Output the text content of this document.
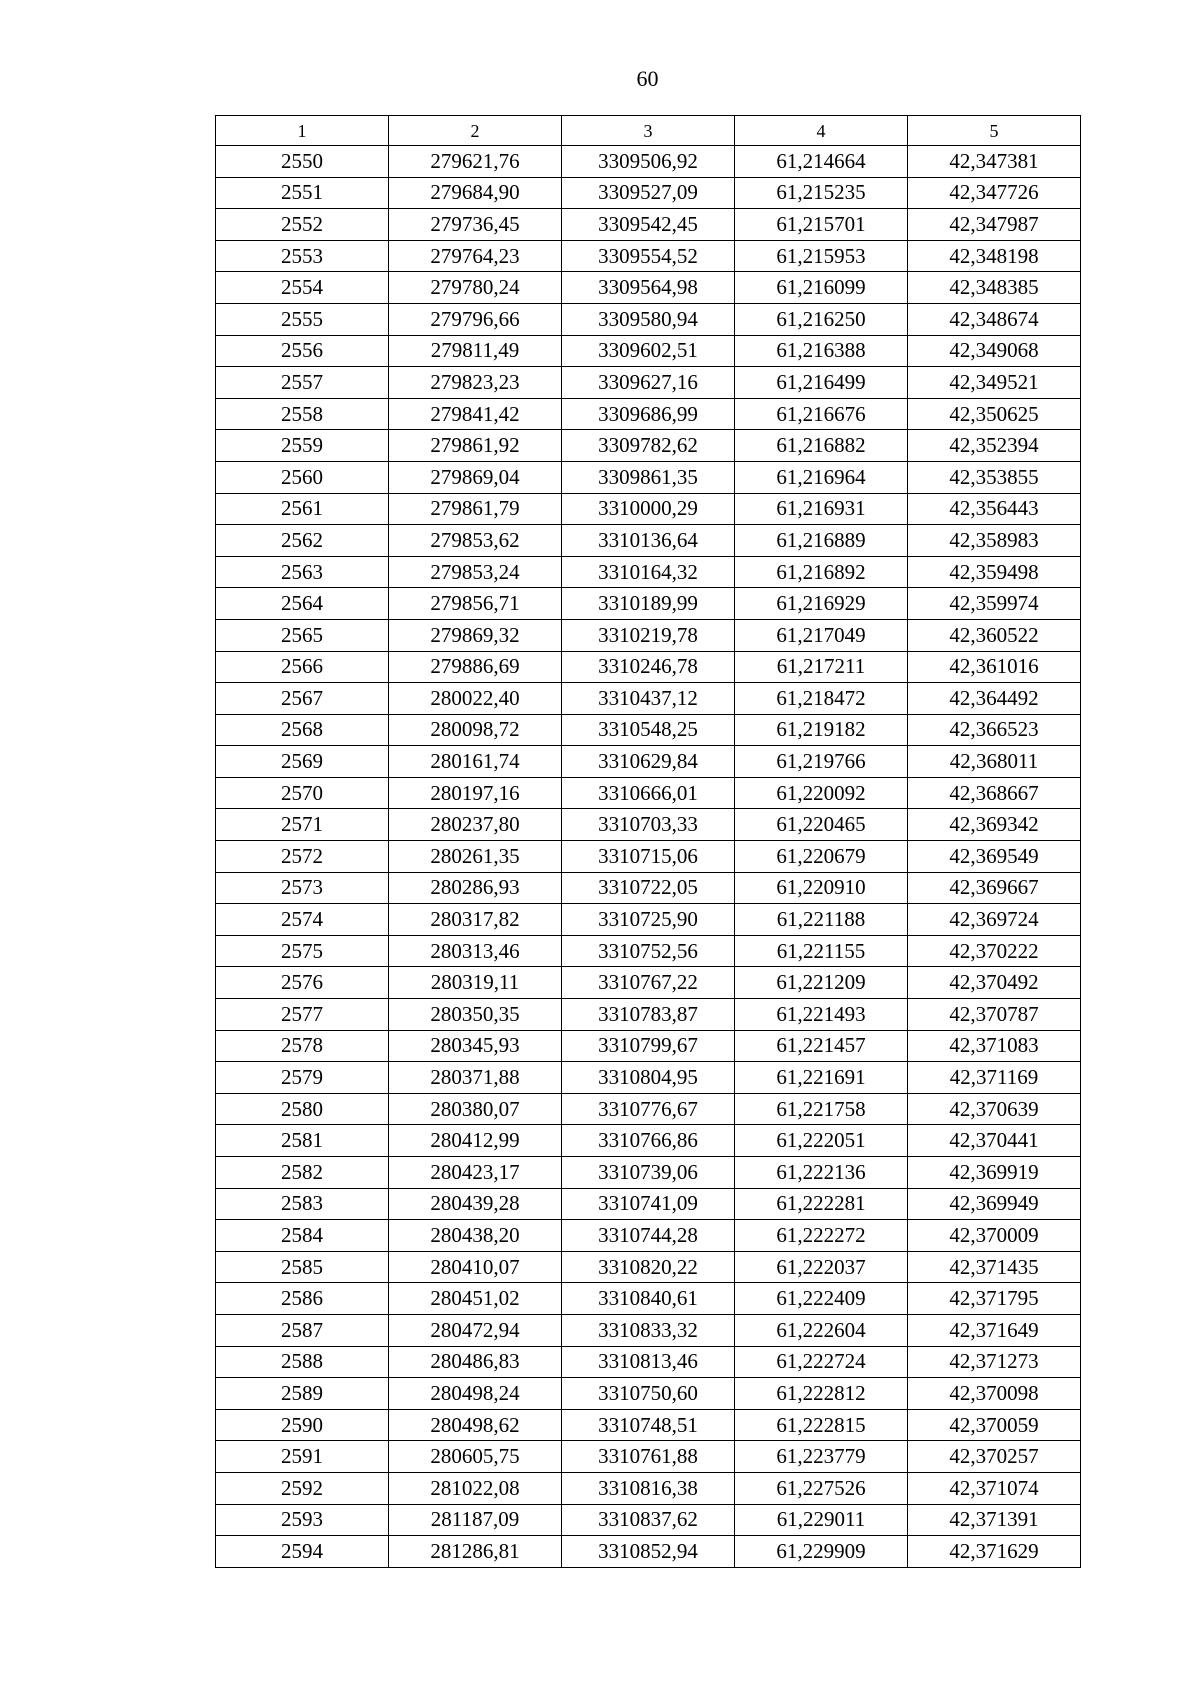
60
1	2	3	4	5
2550	279621,76	3309506,92	61,214664	42,347381
2551	279684,90	3309527,09	61,215235	42,347726
2552	279736,45	3309542,45	61,215701	42,347987
2553	279764,23	3309554,52	61,215953	42,348198
2554	279780,24	3309564,98	61,216099	42,348385
2555	279796,66	3309580,94	61,216250	42,348674
2556	279811,49	3309602,51	61,216388	42,349068
2557	279823,23	3309627,16	61,216499	42,349521
2558	279841,42	3309686,99	61,216676	42,350625
2559	279861,92	3309782,62	61,216882	42,352394
2560	279869,04	3309861,35	61,216964	42,353855
2561	279861,79	3310000,29	61,216931	42,356443
2562	279853,62	3310136,64	61,216889	42,358983
2563	279853,24	3310164,32	61,216892	42,359498
2564	279856,71	3310189,99	61,216929	42,359974
2565	279869,32	3310219,78	61,217049	42,360522
2566	279886,69	3310246,78	61,217211	42,361016
2567	280022,40	3310437,12	61,218472	42,364492
2568	280098,72	3310548,25	61,219182	42,366523
2569	280161,74	3310629,84	61,219766	42,368011
2570	280197,16	3310666,01	61,220092	42,368667
2571	280237,80	3310703,33	61,220465	42,369342
2572	280261,35	3310715,06	61,220679	42,369549
2573	280286,93	3310722,05	61,220910	42,369667
2574	280317,82	3310725,90	61,221188	42,369724
2575	280313,46	3310752,56	61,221155	42,370222
2576	280319,11	3310767,22	61,221209	42,370492
2577	280350,35	3310783,87	61,221493	42,370787
2578	280345,93	3310799,67	61,221457	42,371083
2579	280371,88	3310804,95	61,221691	42,371169
2580	280380,07	3310776,67	61,221758	42,370639
2581	280412,99	3310766,86	61,222051	42,370441
2582	280423,17	3310739,06	61,222136	42,369919
2583	280439,28	3310741,09	61,222281	42,369949
2584	280438,20	3310744,28	61,222272	42,370009
2585	280410,07	3310820,22	61,222037	42,371435
2586	280451,02	3310840,61	61,222409	42,371795
2587	280472,94	3310833,32	61,222604	42,371649
2588	280486,83	3310813,46	61,222724	42,371273
2589	280498,24	3310750,60	61,222812	42,370098
2590	280498,62	3310748,51	61,222815	42,370059
2591	280605,75	3310761,88	61,223779	42,370257
2592	281022,08	3310816,38	61,227526	42,371074
2593	281187,09	3310837,62	61,229011	42,371391
2594	281286,81	3310852,94	61,229909	42,371629
